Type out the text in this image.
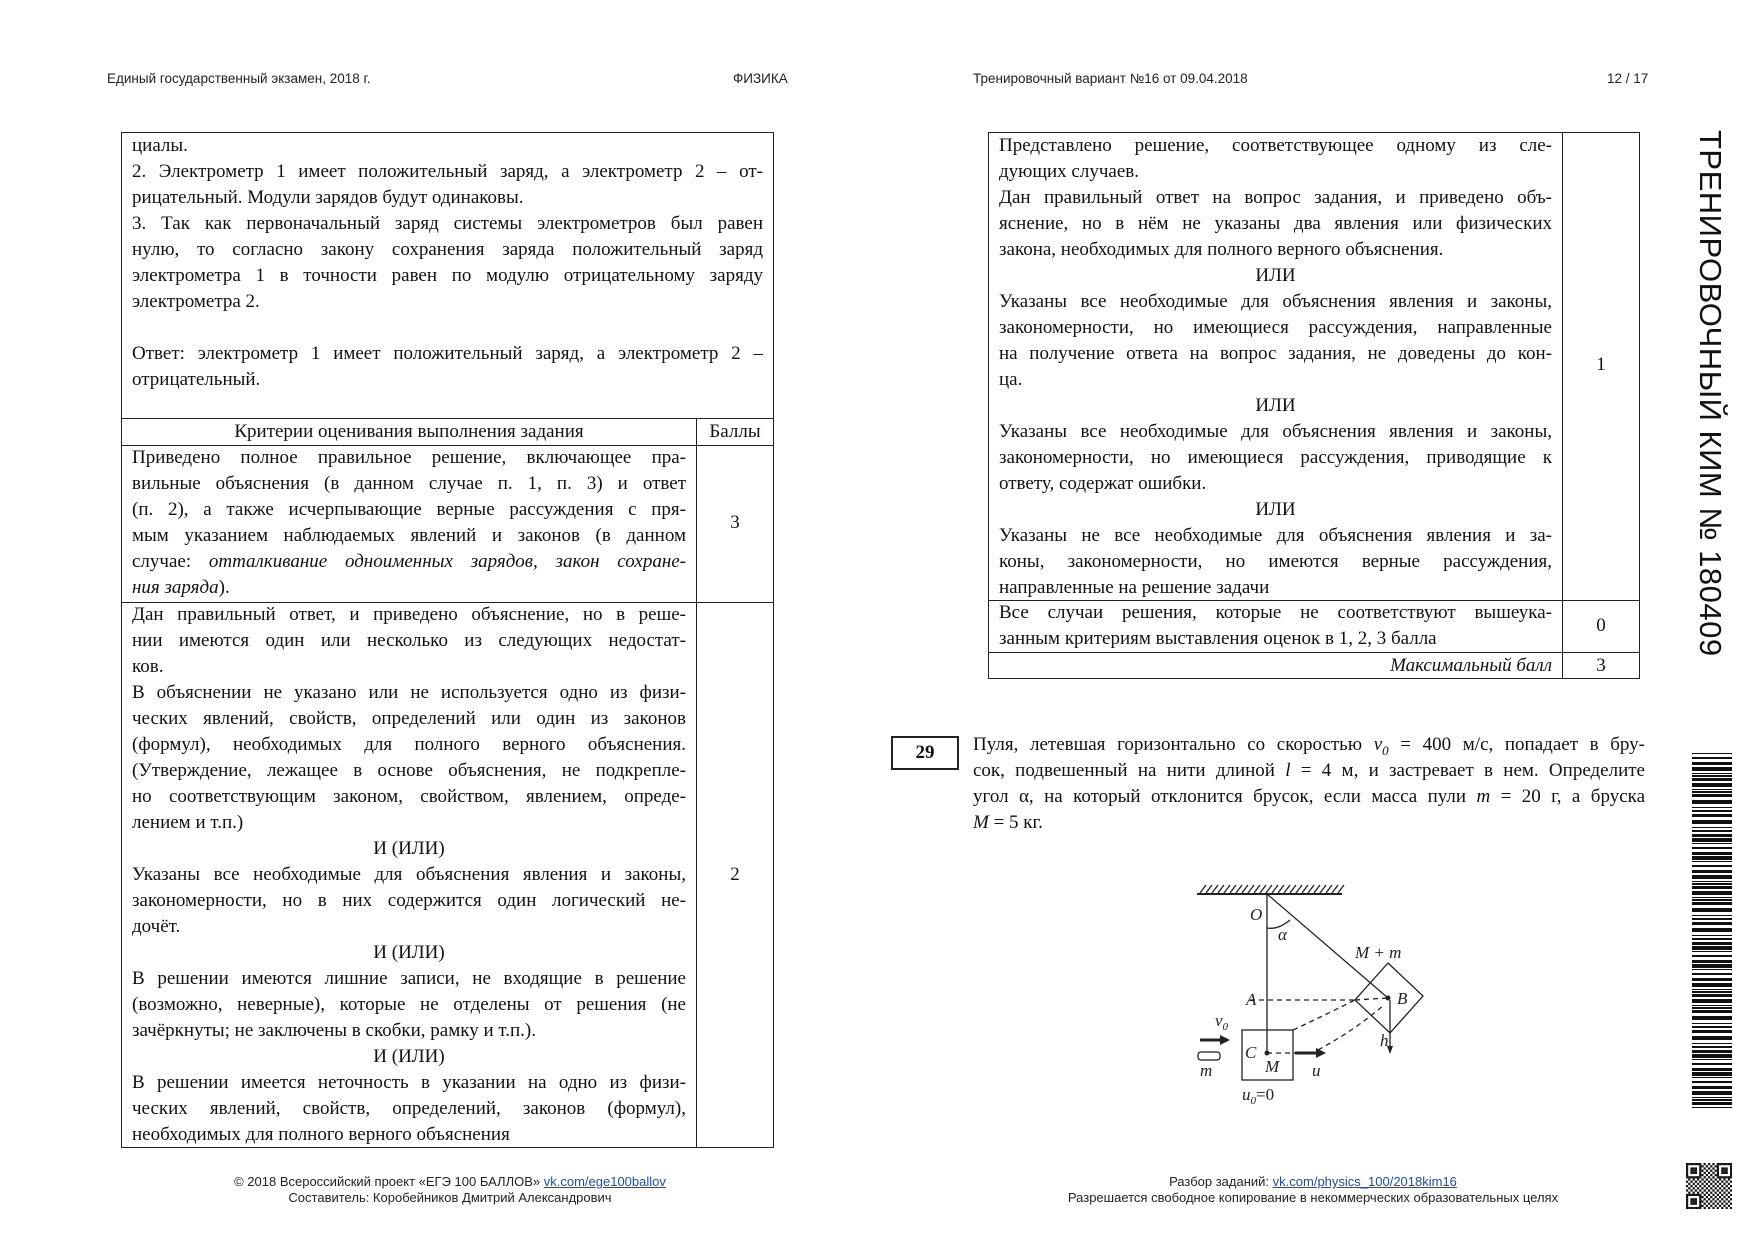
Единый государственный экзамен, 2018 г.	ФИЗИКА	Тренировочный вариант №16 от 09.04.2018	12 / 17
циалы.
2. Электрометр 1 имеет положительный заряд, а электрометр 2 – от-
рицательный. Модули зарядов будут одинаковы.
3. Так как первоначальный заряд системы электрометров был равен
нулю, то согласно закону сохранения заряда положительный заряд
электрометра 1 в точности равен по модулю отрицательному заряду
электрометра 2.

Ответ: электрометр 1 имеет положительный заряд, а электрометр 2 –
отрицательный.
Критерии оценивания выполнения задания	Баллы
Приведено полное правильное решение, включающее пра-
вильные объяснения (в данном случае п. 1, п. 3) и ответ
(п. 2), а также исчерпывающие верные рассуждения с пря-
мым указанием наблюдаемых явлений и законов (в данном
случае: отталкивание одноименных зарядов, закон сохране-
ния заряда).
3
Дан правильный ответ, и приведено объяснение, но в реше-
нии имеются один или несколько из следующих недостат-
ков.
В объяснении не указано или не используется одно из физи-
ческих явлений, свойств, определений или один из законов
(формул), необходимых для полного верного объяснения.
(Утверждение, лежащее в основе объяснения, не подкрепле-
но соответствующим законом, свойством, явлением, опреде-
лением и т.п.)
И (ИЛИ)
Указаны все необходимые для объяснения явления и законы,
закономерности, но в них содержится один логический не-
дочёт.
И (ИЛИ)
В решении имеются лишние записи, не входящие в решение
(возможно, неверные), которые не отделены от решения (не
зачёркнуты; не заключены в скобки, рамку и т.п.).
И (ИЛИ)
В решении имеется неточность в указании на одно из физи-
ческих явлений, свойств, определений, законов (формул),
необходимых для полного верного объяснения
2
Представлено решение, соответствующее одному из сле-
дующих случаев.
Дан правильный ответ на вопрос задания, и приведено объ-
яснение, но в нём не указаны два явления или физических
закона, необходимых для полного верного объяснения.
ИЛИ
Указаны все необходимые для объяснения явления и законы,
закономерности, но имеющиеся рассуждения, направленные
на получение ответа на вопрос задания, не доведены до кон-
ца.
ИЛИ
Указаны все необходимые для объяснения явления и законы,
закономерности, но имеющиеся рассуждения, приводящие к
ответу, содержат ошибки.
ИЛИ
Указаны не все необходимые для объяснения явления и за-
коны, закономерности, но имеются верные рассуждения,
направленные на решение задачи
1
Все случаи решения, которые не соответствуют вышеука-
занным критериям выставления оценок в 1, 2, 3 балла
0
Максимальный балл	3
29	Пуля, летевшая горизонтально со скоростью $v_0 = 400$ м/с, попадает в бру-
сок, подвешенный на нити длиной l = 4 м, и застревает в нем. Определите
угол α, на который отклонится брусок, если масса пули m = 20 г, а бруска
M = 5 кг.
O
α
M + m
A	B
C
M
m
h
$v_0$
u
$u_0=0$
ТРЕНИРОВОЧНЫЙ КИМ № 180409
© 2018 Всероссийский проект «ЕГЭ 100 БАЛЛОВ» vk.com/ege100ballov
Составитель: Коробейников Дмитрий Александрович
Разбор заданий: vk.com/physics_100/2018kim16
Разрешается свободное копирование в некоммерческих образовательных целях
